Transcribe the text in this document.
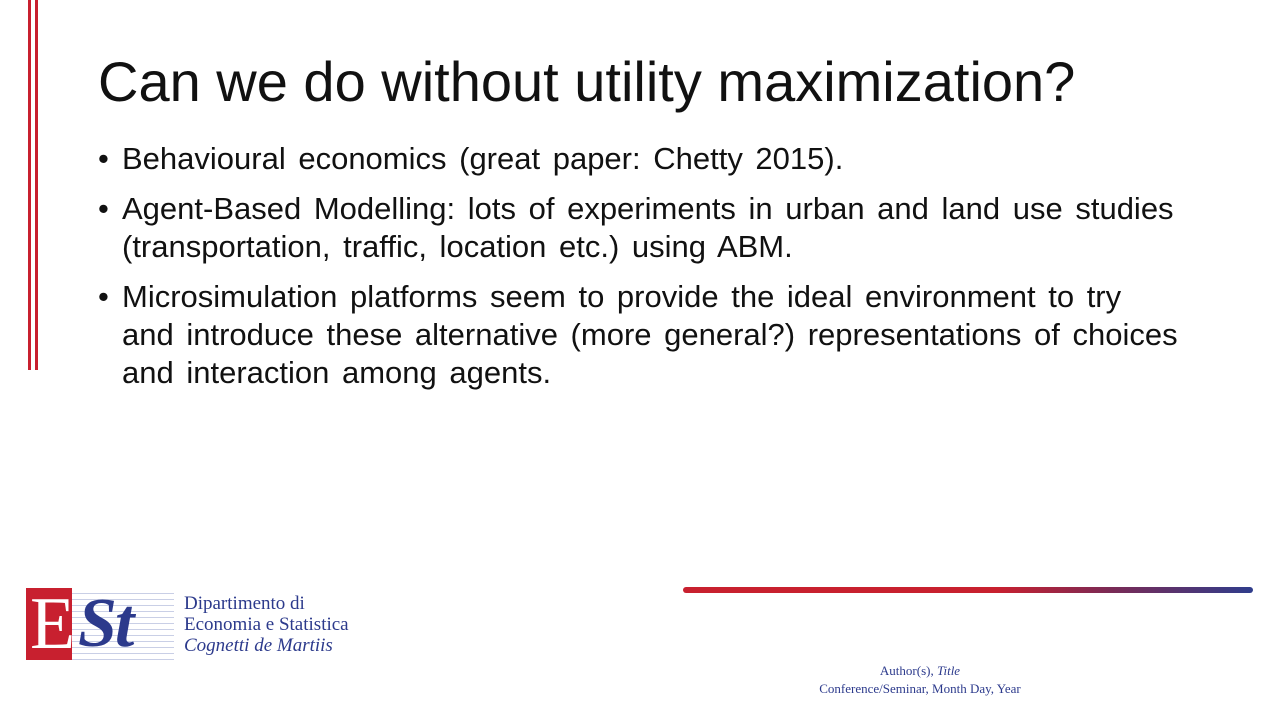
Can we do without utility maximization?
• Behavioural economics (great paper: Chetty 2015).
• Agent-Based Modelling: lots of experiments in urban and land use studies (transportation, traffic, location etc.) using ABM.
• Microsimulation platforms seem to provide the ideal environment to try and introduce these alternative (more general?) representations of choices and interaction among agents.
E St	Dipartimento di
Economia e Statistica
Cognetti de Martiis
Author(s), Title
Conference/Seminar, Month Day, Year
